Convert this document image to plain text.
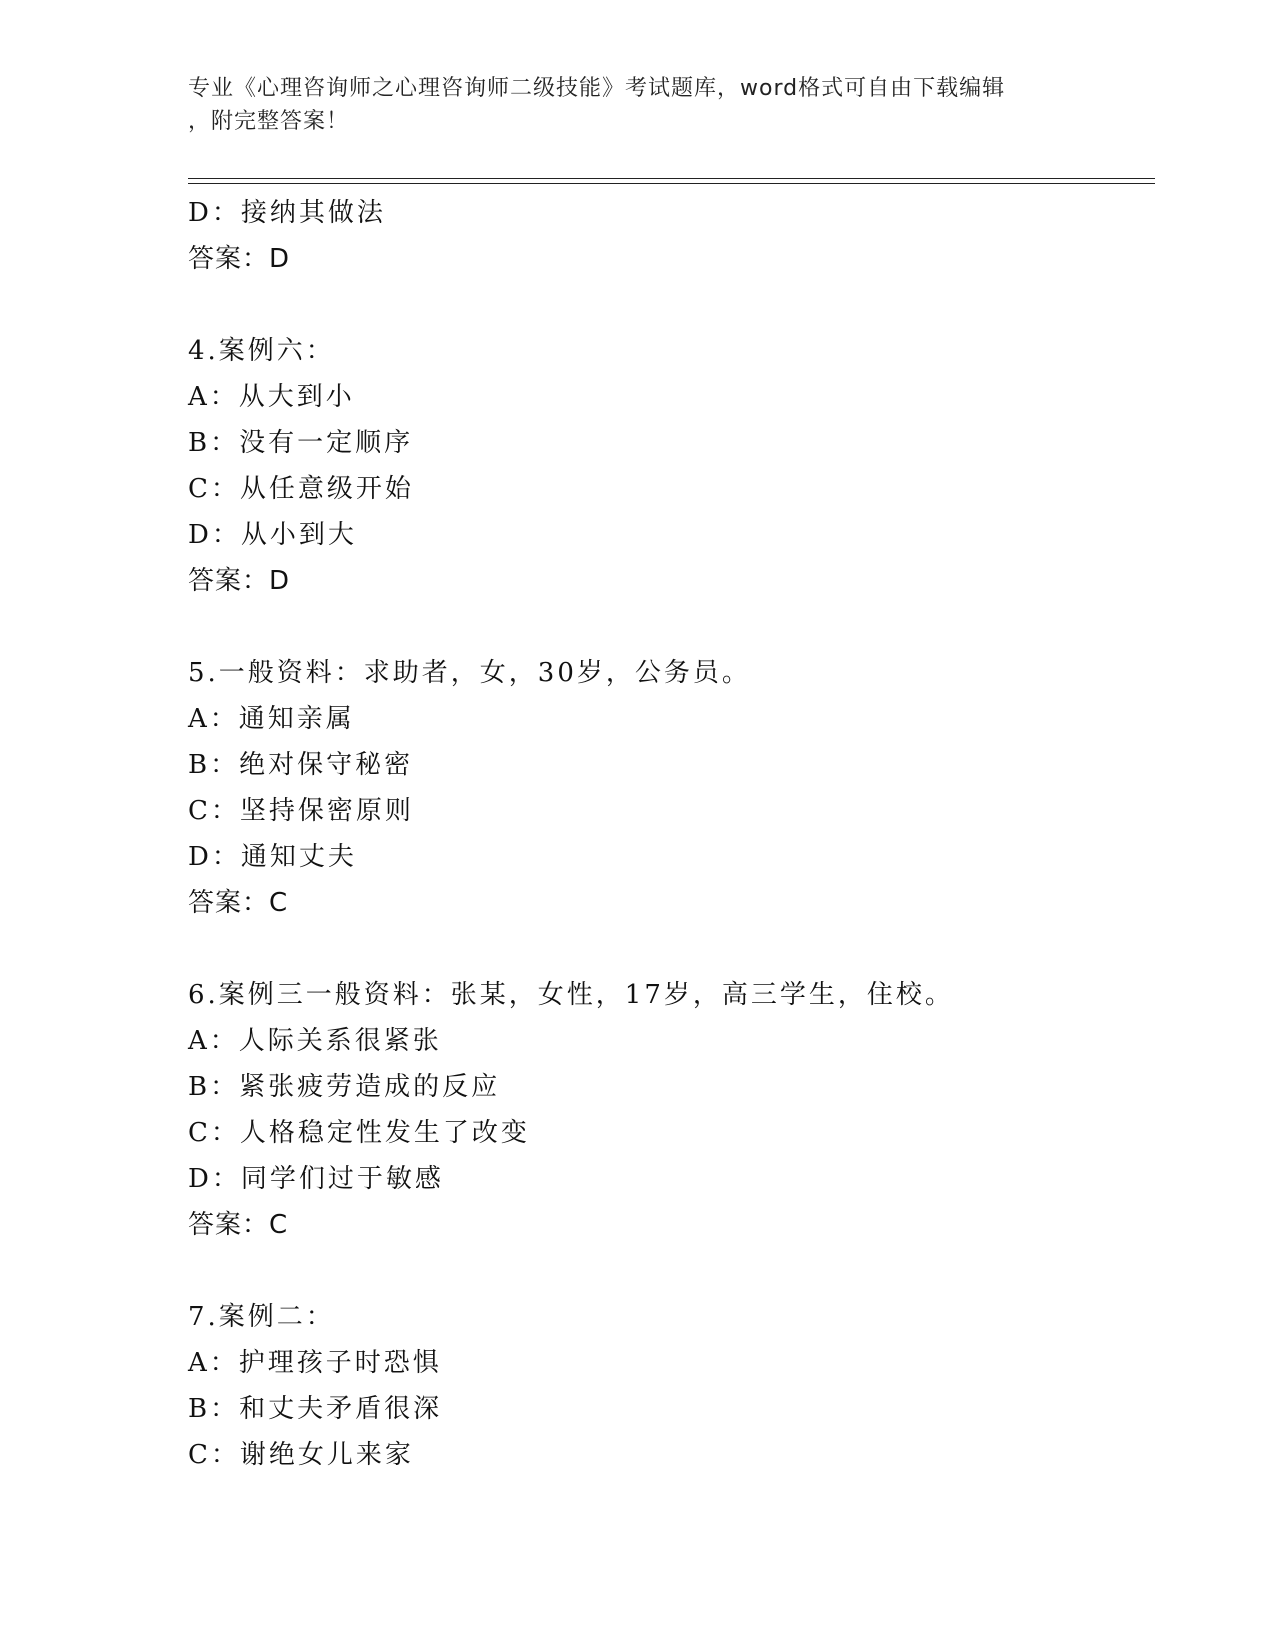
专业《心理咨询师之心理咨询师二级技能》考试题库，word格式可自由下载编辑
，附完整答案！
D：接纳其做法
答案：D
4.案例六：
A：从大到小
B：没有一定顺序
C：从任意级开始
D：从小到大
答案：D
5.一般资料：求助者，女，30岁，公务员。
A：通知亲属
B：绝对保守秘密
C：坚持保密原则
D：通知丈夫
答案：C
6.案例三一般资料：张某，女性，17岁，高三学生，住校。
A：人际关系很紧张
B：紧张疲劳造成的反应
C：人格稳定性发生了改变
D：同学们过于敏感
答案：C
7.案例二：
A：护理孩子时恐惧
B：和丈夫矛盾很深
C：谢绝女儿来家
